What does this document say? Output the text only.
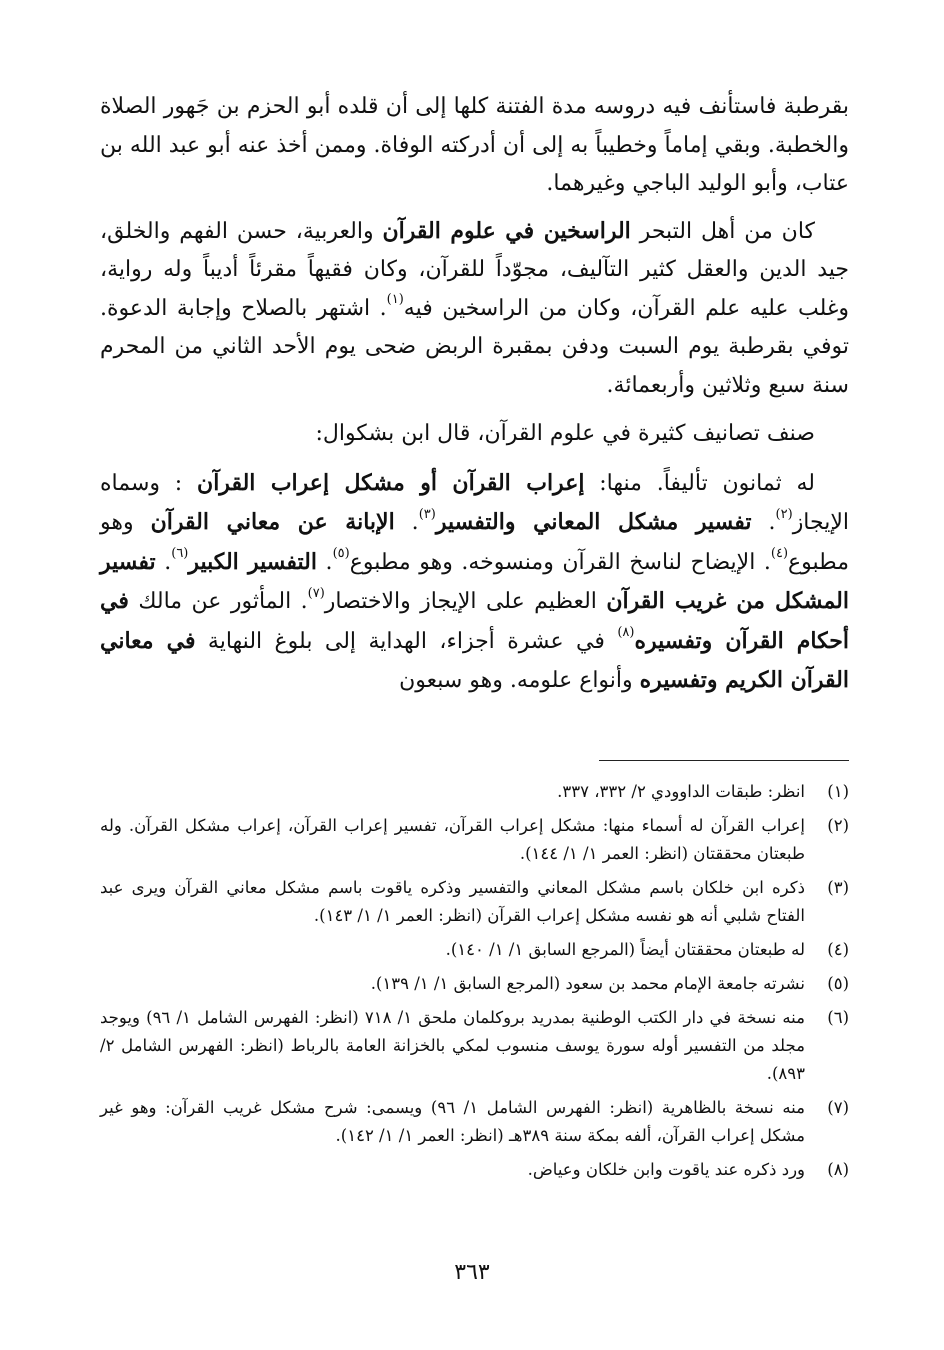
بقرطبة فاستأنف فيه دروسه مدة الفتنة كلها إلى أن قلده أبو الحزم بن جَهور الصلاة والخطبة. وبقي إماماً وخطيباً به إلى أن أدركته الوفاة. وممن أخذ عنه أبو عبد الله بن عتاب، وأبو الوليد الباجي وغيرهما.

كان من أهل التبحر الراسخين في علوم القرآن والعربية، حسن الفهم والخلق، جيد الدين والعقل كثير التآليف، مجوّداً للقرآن، وكان فقيهاً مقرئاً أديباً وله رواية، وغلب عليه علم القرآن، وكان من الراسخين فيه$^{(١)}$. اشتهر بالصلاح وإجابة الدعوة. توفي بقرطبة يوم السبت ودفن بمقبرة الربض ضحى يوم الأحد الثاني من المحرم سنة سبع وثلاثين وأربعمائة.

صنف تصانيف كثيرة في علوم القرآن، قال ابن بشكوال:

له ثمانون تأليفاً. منها: إعراب القرآن أو مشكل إعراب القرآن : وسماه الإيجاز$^{(٢)}$. تفسير مشكل المعاني والتفسير$^{(٣)}$. الإبانة عن معاني القرآن وهو مطبوع$^{(٤)}$. الإيضاح لناسخ القرآن ومنسوخه. وهو مطبوع$^{(٥)}$. التفسير الكبير$^{(٦)}$. تفسير المشكل من غريب القرآن العظيم على الإيجاز والاختصار$^{(٧)}$. المأثور عن مالك في أحكام القرآن وتفسيره$^{(٨)}$ في عشرة أجزاء، الهداية إلى بلوغ النهاية في معاني القرآن الكريم وتفسيره وأنواع علومه. وهو سبعون

(١)
انظر: طبقات الداوودي ٢/ ٣٣٢، ٣٣٧.
(٢)
إعراب القرآن له أسماء منها: مشكل إعراب القرآن، تفسير إعراب القرآن، إعراب مشكل القرآن. وله طبعتان محققتان (انظر: العمر ١/ ١/ ١٤٤).
(٣)
ذكره ابن خلكان باسم مشكل المعاني والتفسير وذكره ياقوت باسم مشكل معاني القرآن ويرى عبد الفتاح شلبي أنه هو نفسه مشكل إعراب القرآن (انظر: العمر ١/ ١/ ١٤٣).
(٤)
له طبعتان محققتان أيضاً (المرجع السابق ١/ ١/ ١٤٠).
(٥)
نشرته جامعة الإمام محمد بن سعود (المرجع السابق ١/ ١/ ١٣٩).
(٦)
منه نسخة في دار الكتب الوطنية بمدريد بروكلمان ملحق ١/ ٧١٨ (انظر: الفهرس الشامل ١/ ٩٦) ويوجد مجلد من التفسير أوله سورة يوسف منسوب لمكي بالخزانة العامة بالرباط (انظر: الفهرس الشامل ٢/ ٨٩٣).
(٧)
منه نسخة بالظاهرية (انظر: الفهرس الشامل ١/ ٩٦) ويسمى: شرح مشكل غريب القرآن: وهو غير مشكل إعراب القرآن، ألفه بمكة سنة ٣٨٩هـ (انظر: العمر ١/ ١/ ١٤٢).
(٨)
ورد ذكره عند ياقوت وابن خلكان وعياض.
٣٦٣
